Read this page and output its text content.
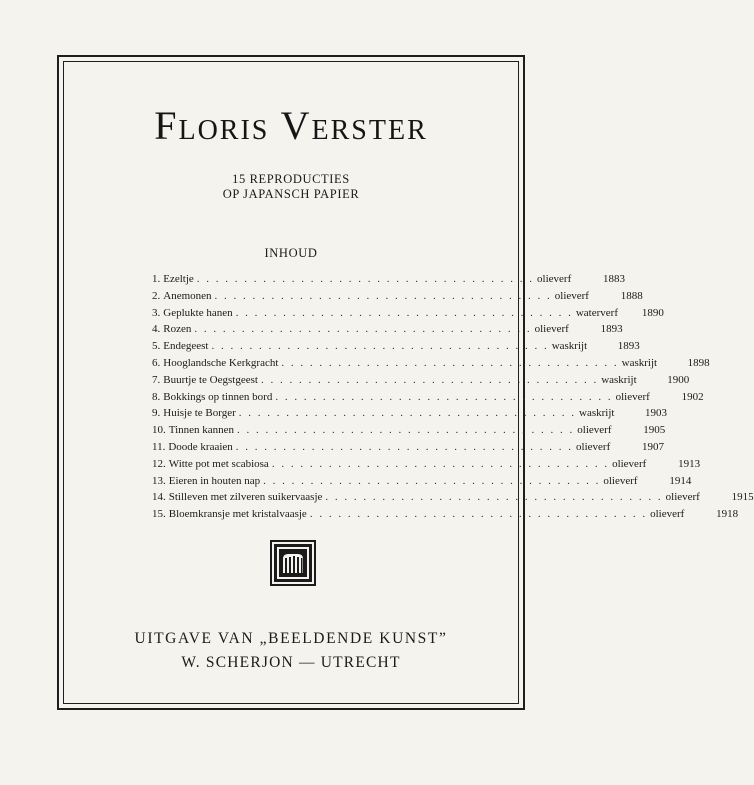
Floris Verster
15 REPRODUCTIES
OP JAPANSCH PAPIER
INHOUD
1. Ezeltje . . . . . . . . . . . . . . . . . . . . . . . . . . . . . . . . . . . . olieverf	1883
2. Anemonen . . . . . . . . . . . . . . . . . . . . . . . . . . . . . . . . . . . . olieverf	1888
3. Geplukte hanen . . . . . . . . . . . . . . . . . . . . . . . . . . . . . . . . . . . . waterverf	1890
4. Rozen . . . . . . . . . . . . . . . . . . . . . . . . . . . . . . . . . . . . olieverf	1893
5. Endegeest . . . . . . . . . . . . . . . . . . . . . . . . . . . . . . . . . . . . waskrijt	1893
6. Hooglandsche Kerkgracht . . . . . . . . . . . . . . . . . . . . . . . . . . . . . . . . . . . . waskrijt	1898
7. Buurtje te Oegstgeest . . . . . . . . . . . . . . . . . . . . . . . . . . . . . . . . . . . . waskrijt	1900
8. Bokkings op tinnen bord . . . . . . . . . . . . . . . . . . . . . . . . . . . . . . . . . . . . olieverf	1902
9. Huisje te Borger . . . . . . . . . . . . . . . . . . . . . . . . . . . . . . . . . . . . waskrijt	1903
10. Tinnen kannen . . . . . . . . . . . . . . . . . . . . . . . . . . . . . . . . . . . . olieverf	1905
11. Doode kraaien . . . . . . . . . . . . . . . . . . . . . . . . . . . . . . . . . . . . olieverf	1907
12. Witte pot met scabiosa . . . . . . . . . . . . . . . . . . . . . . . . . . . . . . . . . . . . olieverf	1913
13. Eieren in houten nap . . . . . . . . . . . . . . . . . . . . . . . . . . . . . . . . . . . . olieverf	1914
14. Stilleven met zilveren suikervaasje . . . . . . . . . . . . . . . . . . . . . . . . . . . . . . . . . . . . olieverf	1915
15. Bloemkransje met kristalvaasje . . . . . . . . . . . . . . . . . . . . . . . . . . . . . . . . . . . . olieverf	1918
UITGAVE VAN „BEELDENDE KUNST”
W. SCHERJON — UTRECHT
